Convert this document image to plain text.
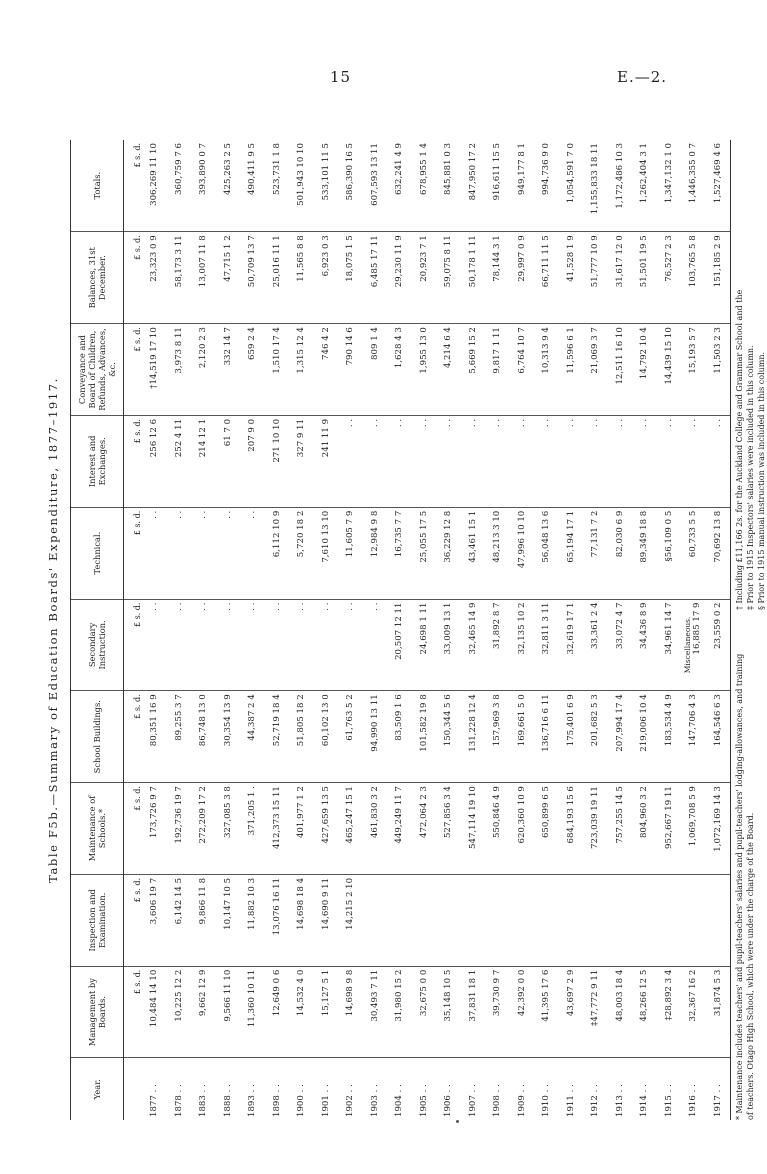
15	E.—2.
Table F5b.—Summary of Education Boards' Expenditure, 1877–1917.
Year.	Management by Boards.	Inspection and Examination.	Maintenance of Schools.*	School Buildings.	Secondary Instruction.	Technical.	Interest and Exchanges.	Conveyance and Board of Children, Refunds, Advances, &c.	Balances, 31st December.	Totals.
	£ s. d.	£ s. d.	£ s. d.	£ s. d.	£ s. d.	£ s. d.	£ s. d.	£ s. d.	£ s. d.	£ s. d.
1877 . .	10,484 14 10	3,606 19 7	173,726 9 7	80,351 16 9	. .	. .	256 12 6	†14,519 17 10	23,323 0 9	306,269 11 10
1878 . .	10,225 12 2	6,142 14 5	192,736 19 7	89,255 3 7	. .	. .	252 4 11	3,973 8 11	58,173 3 11	360,759 7 6
1883 . .	9,662 12 9	9,866 11 8	272,209 17 2	86,748 13 0	. .	. .	214 12 1	2,120 2 3	13,007 11 8	393,890 0 7
1888 . .	9,566 11 10	10,147 10 5	327,085 3 8	30,354 13 9	. .	. .	61 7 0	332 14 7	47,715 1 2	425,263 2 5
1893 . .	11,360 10 11	11,882 10 3	371,205 1 .	44,387 2 4	. .	. .	207 9 0	659 2 4	50,709 13 7	490,411 9 5
1898 . .	12,649 0 6	13,076 16 11	412,373 15 11	52,719 18 4	. .	6,112 10 9	271 10 10	1,510 17 4	25,016 11 1	523,731 1 8
1900 . .	14,532 4 0	14,698 18 4	401,977 1 2	51,805 18 2	. .	5,720 18 2	327 9 11	1,315 12 4	11,565 8 8	501,943 10 10
1901 . .	15,127 5 1	14,690 9 11	427,659 13 5	60,102 13 0	. .	7,610 13 10	241 11 9	746 4 2	6,923 0 3	533,101 11 5
1902 . .	14,698 9 8	14,215 2 10	465,247 15 1	61,763 5 2	. .	11,605 7 9	. .	790 14 6	18,075 1 5	586,390 16 5
1903 . .	30,493 7 11		461,830 3 2	94,990 13 11	. .	12,984 9 8	. .	809 1 4	6,485 17 11	607,593 13 11
1904 . .	31,980 15 2		449,249 11 7	83,509 1 6	20,507 12 11	16,735 7 7	. .	1,628 4 3	29,230 11 9	632,241 4 9
1905 . .	32,675 0 0		472,064 2 3	101,582 19 8	24,698 1 11	25,055 17 5	. .	1,955 13 0	20,923 7 1	678,955 1 4
1906 . .	35,148 10 5		527,856 3 4	150,344 5 6	33,009 13 1	36,229 12 8	. .	4,214 6 4	59,075 8 11	845,881 0 3
1907 . .	37,831 18 1		547,114 19 10	131,228 12 4	32,465 14 9	43,461 15 1	. .	5,669 15 2	50,178 1 11	847,950 17 2
1908 . .	39,730 9 7		550,846 4 9	157,969 3 8	31,892 8 7	48,213 3 10	. .	9,817 1 11	78,144 3 1	916,611 15 5
1909 . .	42,392 0 0		620,360 10 9	169,661 5 0	32,135 10 2	47,996 10 10	. .	6,764 10 7	29,997 0 9	949,177 8 1
1910 . .	41,395 17 6		650,899 6 5	136,716 6 11	32,811 3 11	56,048 13 6	. .	10,313 9 4	66,711 11 5	994,736 9 0
1911 . .	43,697 2 9		684,193 15 6	175,401 6 9	32,619 17 1	65,194 17 1	. .	11,596 6 1	41,528 1 9	1,054,591 7 0
1912 . .	‡47,772 9 11		723,039 19 11	201,682 5 3	33,361 2 4	77,131 7 2	. .	21,069 3 7	51,777 10 9	1,155,833 18 11
1913 . .	48,003 18 4		757,255 14 5	207,994 17 4	33,072 4 7	82,030 6 9	. .	12,511 16 10	31,617 12 0	1,172,486 10 3
1914 . .	48,266 12 5		804,960 3 2	219,006 10 4	34,436 8 9	89,349 18 8	. .	14,792 10 4	51,501 19 5	1,262,404 3 1
1915 . .	‡28,892 3 4		952,667 19 11	183,534 4 9	34,961 14 7	§56,109 0 5	. .	14,439 15 10	76,527 2 3	1,347,132 1 0
1916 . .	32,367 16 2		1,069,708 5 9	147,706 4 3	Miscellaneous. 16,885 17 9	60,733 5 5	. .	15,193 5 7	103,765 5 8	1,446,355 0 7
1917 . .	31,874 5 3		1,072,169 14 3	164,546 6 3	23,559 0 2	70,692 13 8	. .	11,503 2 3	151,185 2 9	1,527,469 4 6
* Maintenance includes teachers' and pupil-teachers' salaries and pupil-teachers' lodging-allowances, and training of teachers. Otago High School, which were under the charge of the Board.
† Including £11,166 2s. for the Auckland College and Grammar School and the ‡ Prior to 1915 Inspectors' salaries were included in this column. § Prior to 1915 manual instruction was included in this column.
